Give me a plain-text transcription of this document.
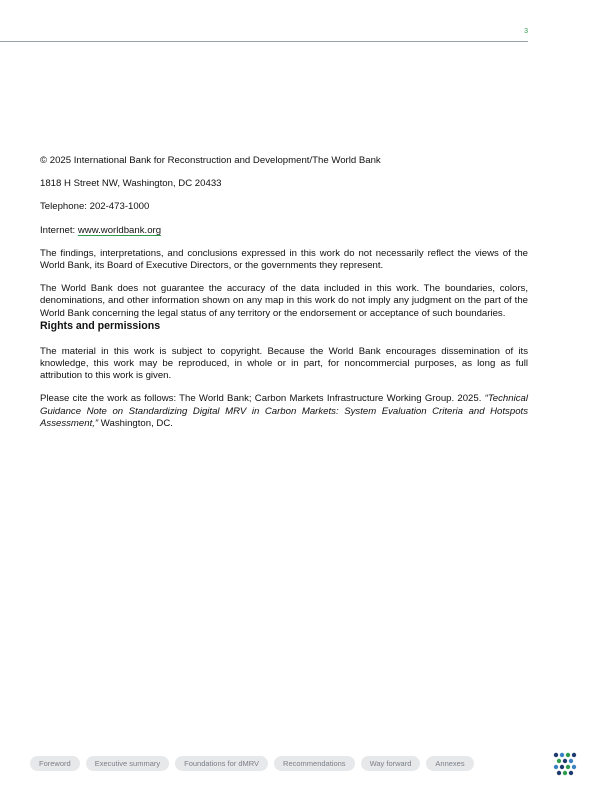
3

© 2025 International Bank for Reconstruction and Development/The World Bank

1818 H Street NW, Washington, DC 20433

Telephone: 202-473-1000

Internet: www.worldbank.org

The findings, interpretations, and conclusions expressed in this work do not necessarily reflect the views of the World Bank, its Board of Executive Directors, or the governments they represent.

The World Bank does not guarantee the accuracy of the data included in this work. The boundaries, colors, denominations, and other information shown on any map in this work do not imply any judgment on the part of the World Bank concerning the legal status of any territory or the endorsement or acceptance of such boundaries.

Rights and permissions

The material in this work is subject to copyright. Because the World Bank encourages dissemination of its knowledge, this work may be reproduced, in whole or in part, for noncommercial purposes, as long as full attribution to this work is given.

Please cite the work as follows: The World Bank; Carbon Markets Infrastructure Working Group. 2025. “Technical Guidance Note on Standardizing Digital MRV in Carbon Markets: System Evaluation Criteria and Hotspots Assessment,” Washington, DC.

Foreword	Executive summary	Foundations for dMRV	Recommendations	Way forward	Annexes
